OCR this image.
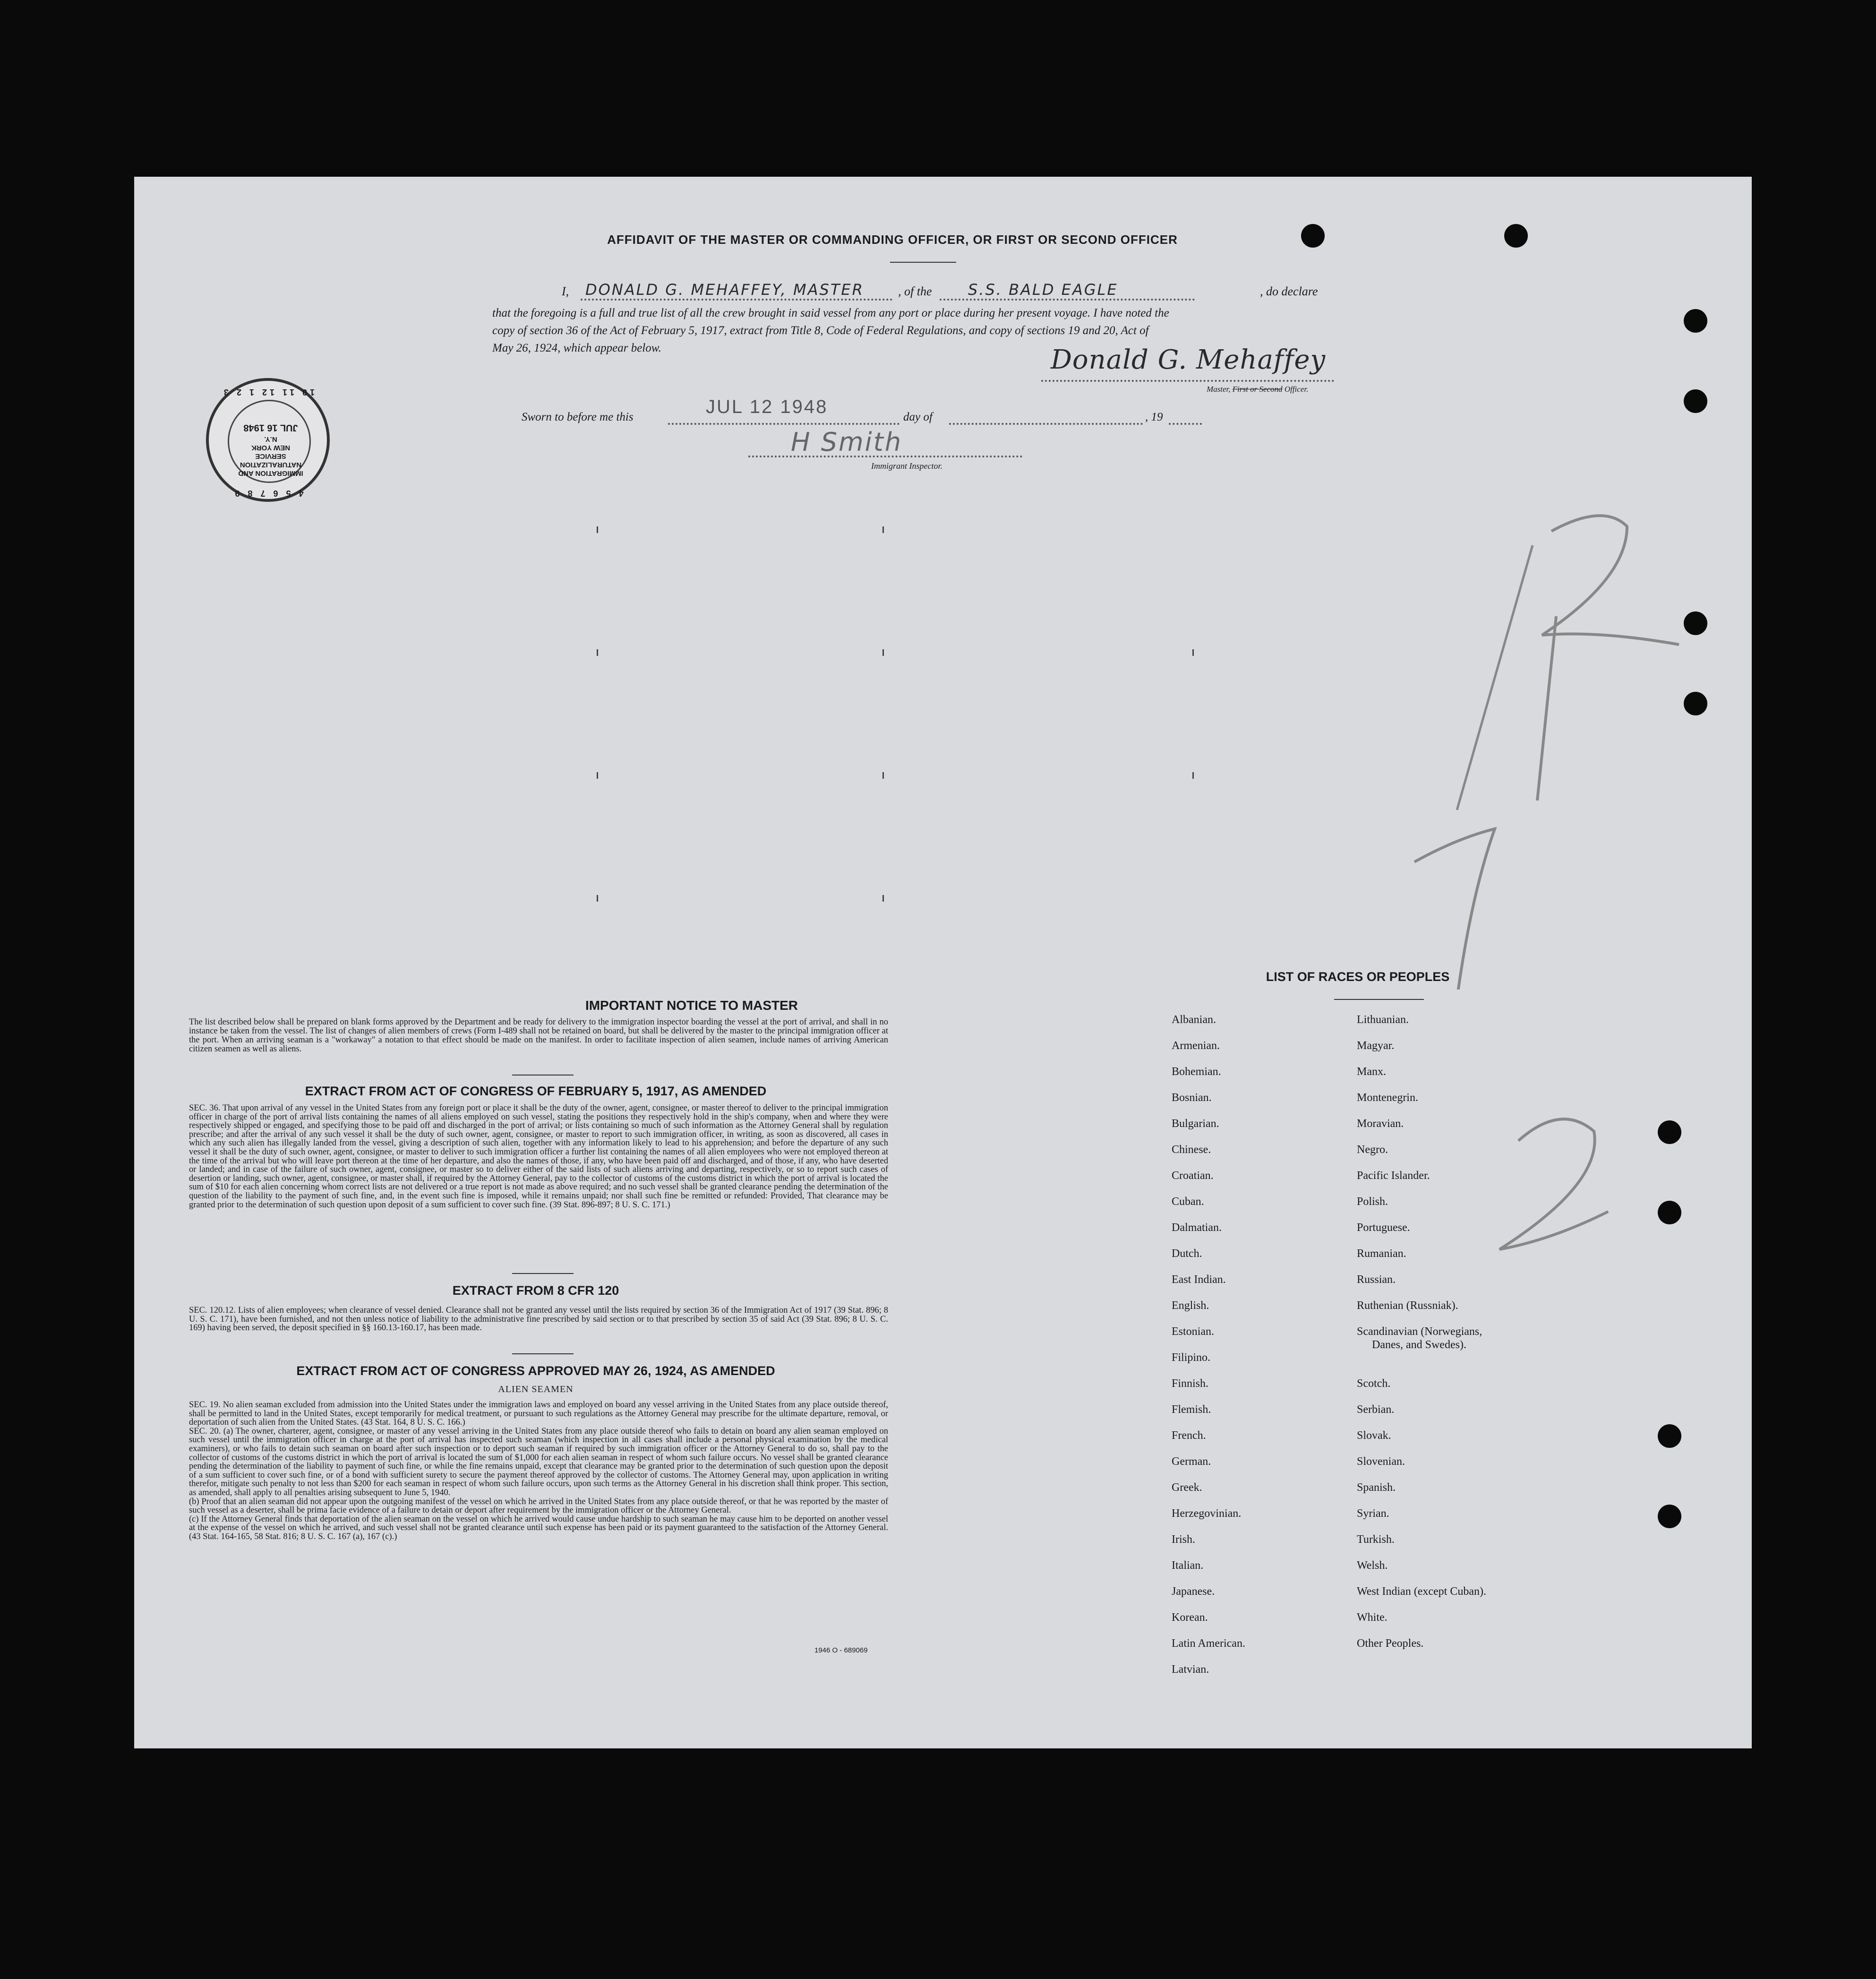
AFFIDAVIT OF THE MASTER OR COMMANDING OFFICER, OR FIRST OR SECOND OFFICER
I, DONALD G. MEHAFFEY, MASTER	, of the S.S. BALD EAGLE	, do declare
that the foregoing is a full and true list of all the crew brought in said vessel from any port or place during her present voyage. I have noted the
copy of section 36 of the Act of February 5, 1917, extract from Title 8, Code of Federal Regulations, and copy of sections 19 and 20, Act of
May 26, 1924, which appear below.	Donald G. Mehaffey
Master, First or Second Officer.
Sworn to before me this	JUL 12 1948	day of	, 19
H Smith
Immigrant Inspector.
4 5 6 7 8 9
10 11 12 1 2 3
IMMIGRATION AND
NATURALIZATION
SERVICE
NEW YORK
N.Y.
JUL 16 1948
IMPORTANT NOTICE TO MASTER
The list described below shall be prepared on blank forms approved by the Department and be ready for delivery to the immigration inspector boarding the vessel at the port of arrival, and shall in no instance be taken from the vessel. The list of changes of alien members of crews (Form I-489 shall not be retained on board, but shall be delivered by the master to the principal immigration officer at the port. When an arriving seaman is a "workaway" a notation to that effect should be made on the manifest. In order to facilitate inspection of alien seamen, include names of arriving American citizen seamen as well as aliens.
EXTRACT FROM ACT OF CONGRESS OF FEBRUARY 5, 1917, AS AMENDED
SEC. 36. That upon arrival of any vessel in the United States from any foreign port or place it shall be the duty of the owner, agent, consignee, or master thereof to deliver to the principal immigration officer in charge of the port of arrival lists containing the names of all aliens employed on such vessel, stating the positions they respectively hold in the ship's company, when and where they were respectively shipped or engaged, and specifying those to be paid off and discharged in the port of arrival; or lists containing so much of such information as the Attorney General shall by regulation prescribe; and after the arrival of any such vessel it shall be the duty of such owner, agent, consignee, or master to report to such immigration officer, in writing, as soon as discovered, all cases in which any such alien has illegally landed from the vessel, giving a description of such alien, together with any information likely to lead to his apprehension; and before the departure of any such vessel it shall be the duty of such owner, agent, consignee, or master to deliver to such immigration officer a further list containing the names of all alien employees who were not employed thereon at the time of the arrival but who will leave port thereon at the time of her departure, and also the names of those, if any, who have been paid off and discharged, and of those, if any, who have deserted or landed; and in case of the failure of such owner, agent, consignee, or master so to deliver either of the said lists of such aliens arriving and departing, respectively, or so to report such cases of desertion or landing, such owner, agent, consignee, or master shall, if required by the Attorney General, pay to the collector of customs of the customs district in which the port of arrival is located the sum of $10 for each alien concerning whom correct lists are not delivered or a true report is not made as above required; and no such vessel shall be granted clearance pending the determination of the question of the liability to the payment of such fine, and, in the event such fine is imposed, while it remains unpaid; nor shall such fine be remitted or refunded: Provided, That clearance may be granted prior to the determination of such question upon deposit of a sum sufficient to cover such fine. (39 Stat. 896-897; 8 U. S. C. 171.)
EXTRACT FROM 8 CFR 120
SEC. 120.12. Lists of alien employees; when clearance of vessel denied. Clearance shall not be granted any vessel until the lists required by section 36 of the Immigration Act of 1917 (39 Stat. 896; 8 U. S. C. 171), have been furnished, and not then unless notice of liability to the administrative fine prescribed by said section or to that prescribed by section 35 of said Act (39 Stat. 896; 8 U. S. C. 169) having been served, the deposit specified in §§ 160.13-160.17, has been made.
EXTRACT FROM ACT OF CONGRESS APPROVED MAY 26, 1924, AS AMENDED
ALIEN SEAMEN
SEC. 19. No alien seaman excluded from admission into the United States under the immigration laws and employed on board any vessel arriving in the United States from any place outside thereof, shall be permitted to land in the United States, except temporarily for medical treatment, or pursuant to such regulations as the Attorney General may prescribe for the ultimate departure, removal, or deportation of such alien from the United States. (43 Stat. 164, 8 U. S. C. 166.)
SEC. 20. (a) The owner, charterer, agent, consignee, or master of any vessel arriving in the United States from any place outside thereof who fails to detain on board any alien seaman employed on such vessel until the immigration officer in charge at the port of arrival has inspected such seaman (which inspection in all cases shall include a personal physical examination by the medical examiners), or who fails to detain such seaman on board after such inspection or to deport such seaman if required by such immigration officer or the Attorney General to do so, shall pay to the collector of customs of the customs district in which the port of arrival is located the sum of $1,000 for each alien seaman in respect of whom such failure occurs. No vessel shall be granted clearance pending the determination of the liability to payment of such fine, or while the fine remains unpaid, except that clearance may be granted prior to the determination of such question upon the deposit of a sum sufficient to cover such fine, or of a bond with sufficient surety to secure the payment thereof approved by the collector of customs. The Attorney General may, upon application in writing therefor, mitigate such penalty to not less than $200 for each seaman in respect of whom such failure occurs, upon such terms as the Attorney General in his discretion shall think proper. This section, as amended, shall apply to all penalties arising subsequent to June 5, 1940.
(b) Proof that an alien seaman did not appear upon the outgoing manifest of the vessel on which he arrived in the United States from any place outside thereof, or that he was reported by the master of such vessel as a deserter, shall be prima facie evidence of a failure to detain or deport after requirement by the immigration officer or the Attorney General.
(c) If the Attorney General finds that deportation of the alien seaman on the vessel on which he arrived would cause undue hardship to such seaman he may cause him to be deported on another vessel at the expense of the vessel on which he arrived, and such vessel shall not be granted clearance until such expense has been paid or its payment guaranteed to the satisfaction of the Attorney General. (43 Stat. 164-165, 58 Stat. 816; 8 U. S. C. 167 (a), 167 (c).)
1946 O - 689069
LIST OF RACES OR PEOPLES
Albanian.
Armenian.
Bohemian.
Bosnian.
Bulgarian.
Chinese.
Croatian.
Cuban.
Dalmatian.
Dutch.
East Indian.
English.
Estonian.
Filipino.
Finnish.
Flemish.
French.
German.
Greek.
Herzegovinian.
Irish.
Italian.
Japanese.
Korean.
Latin American.
Latvian.
Lithuanian.
Magyar.
Manx.
Montenegrin.
Moravian.
Negro.
Pacific Islander.
Polish.
Portuguese.
Rumanian.
Russian.
Ruthenian (Russniak).
Scandinavian (Norwegians,
Danes, and Swedes).
Scotch.
Serbian.
Slovak.
Slovenian.
Spanish.
Syrian.
Turkish.
Welsh.
West Indian (except Cuban).
White.
Other Peoples.
